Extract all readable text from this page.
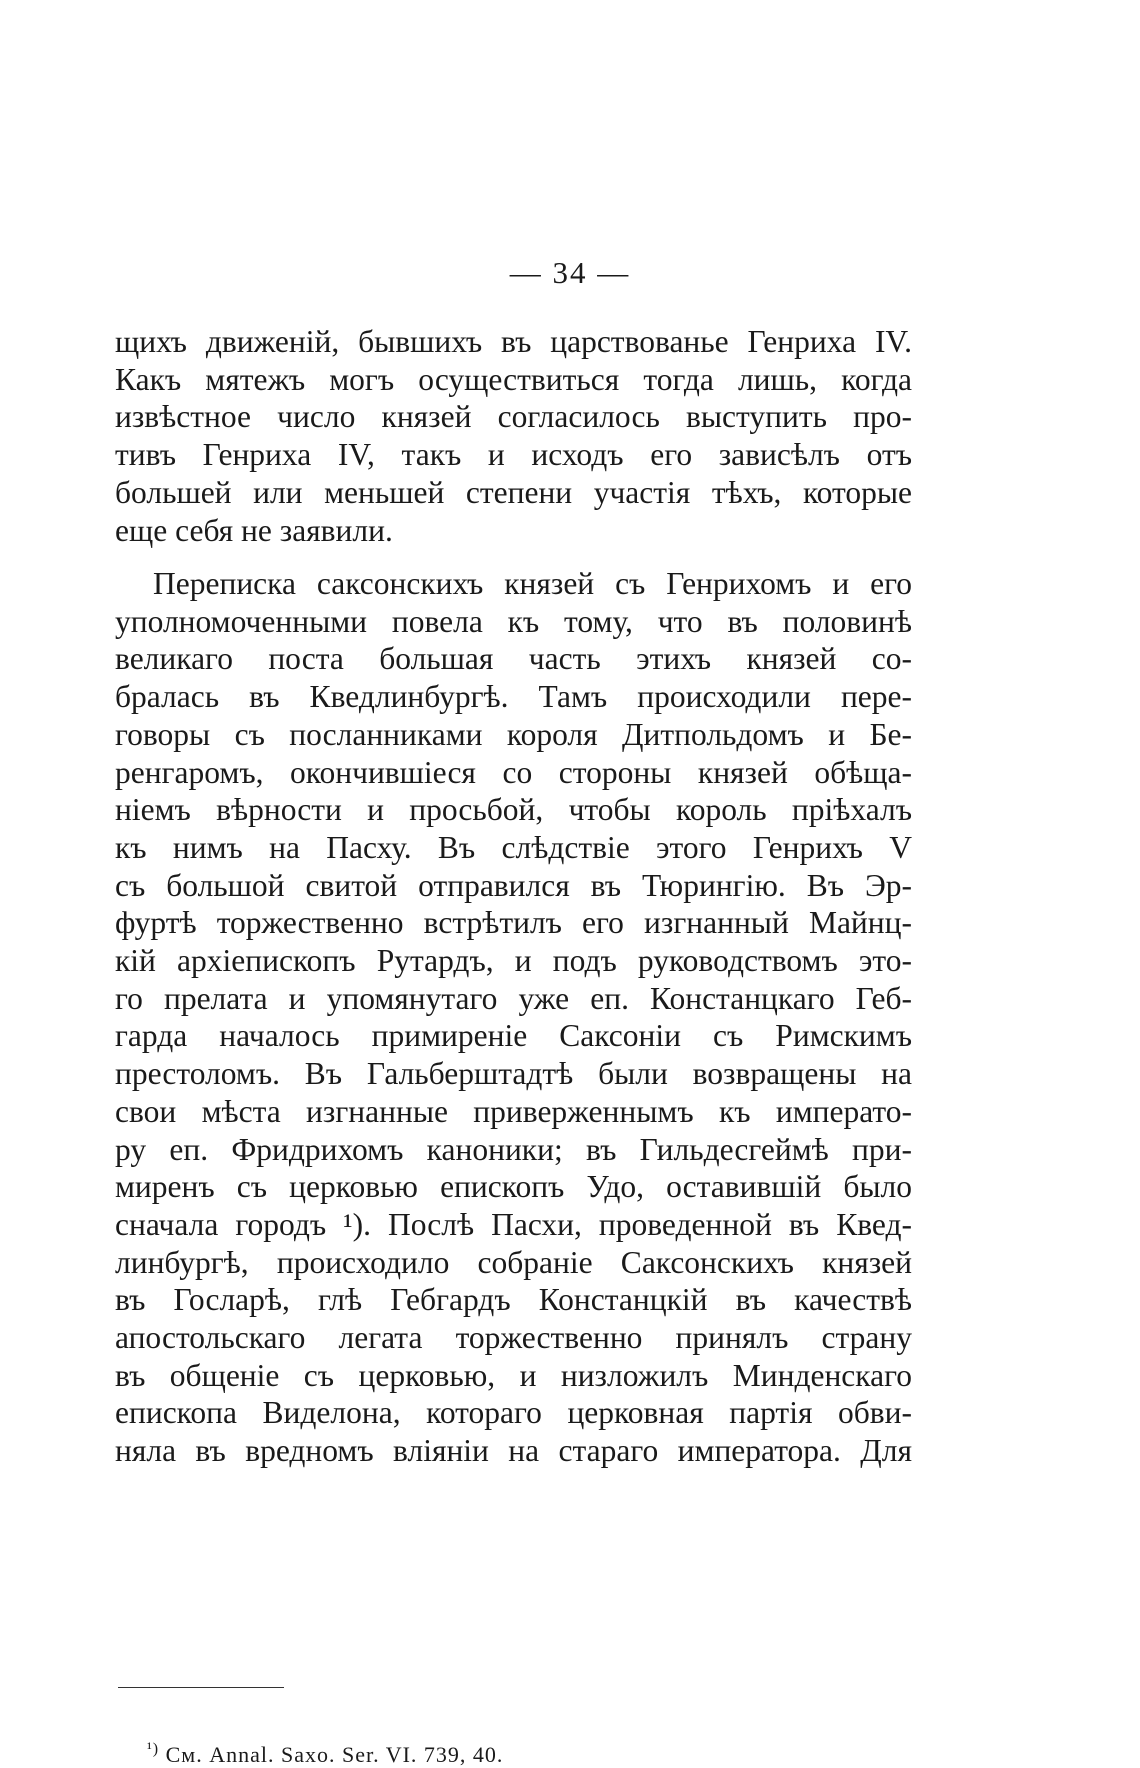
— 34 —
щихъ движеній, бывшихъ въ царствованье Генриха IV.
Какъ мятежъ могъ осуществиться тогда лишь, когда
извѣстное число князей согласилось выступить про-
тивъ Генриха IV, такъ и исходъ его зависѣлъ отъ
большей или меньшей степени участія тѣхъ, которые
еще себя не заявили.
Переписка саксонскихъ князей съ Генрихомъ и его
уполномоченными повела къ тому, что въ половинѣ
великаго поста большая часть этихъ князей со-
бралась въ Кведлинбургѣ. Тамъ происходили пере-
говоры съ посланниками короля Дитпольдомъ и Бе-
ренгаромъ, окончившіеся со стороны князей обѣща-
ніемъ вѣрности и просьбой, чтобы король пріѣхалъ
къ нимъ на Пасху. Въ слѣдствіе этого Генрихъ V
съ большой свитой отправился въ Тюрингію. Въ Эр-
фуртѣ торжественно встрѣтилъ его изгнанный Майнц-
кій архіепископъ Рутардъ, и подъ руководствомъ это-
го прелата и упомянутаго уже еп. Констанцкаго Геб-
гарда началось примиреніе Саксоніи съ Римскимъ
престоломъ. Въ Гальберштадтѣ были возвращены на
свои мѣста изгнанные приверженнымъ къ императо-
ру еп. Фридрихомъ каноники; въ Гильдесгеймѣ при-
миренъ съ церковью епископъ Удо, оставившій было
сначала городъ ¹). Послѣ Пасхи, проведенной въ Квед-
линбургѣ, происходило собраніе Саксонскихъ князей
въ Госларѣ, глѣ Гебгардъ Констанцкій въ качествѣ
апостольскаго легата торжественно принялъ страну
въ общеніе съ церковью, и низложилъ Минденскаго
епископа Виделона, котораго церковная партія обви-
няла въ вредномъ вліяніи на стараго императора. Для
$^{^1)}$ См. Annal. Saxo. Ser. VI. 739, 40.
